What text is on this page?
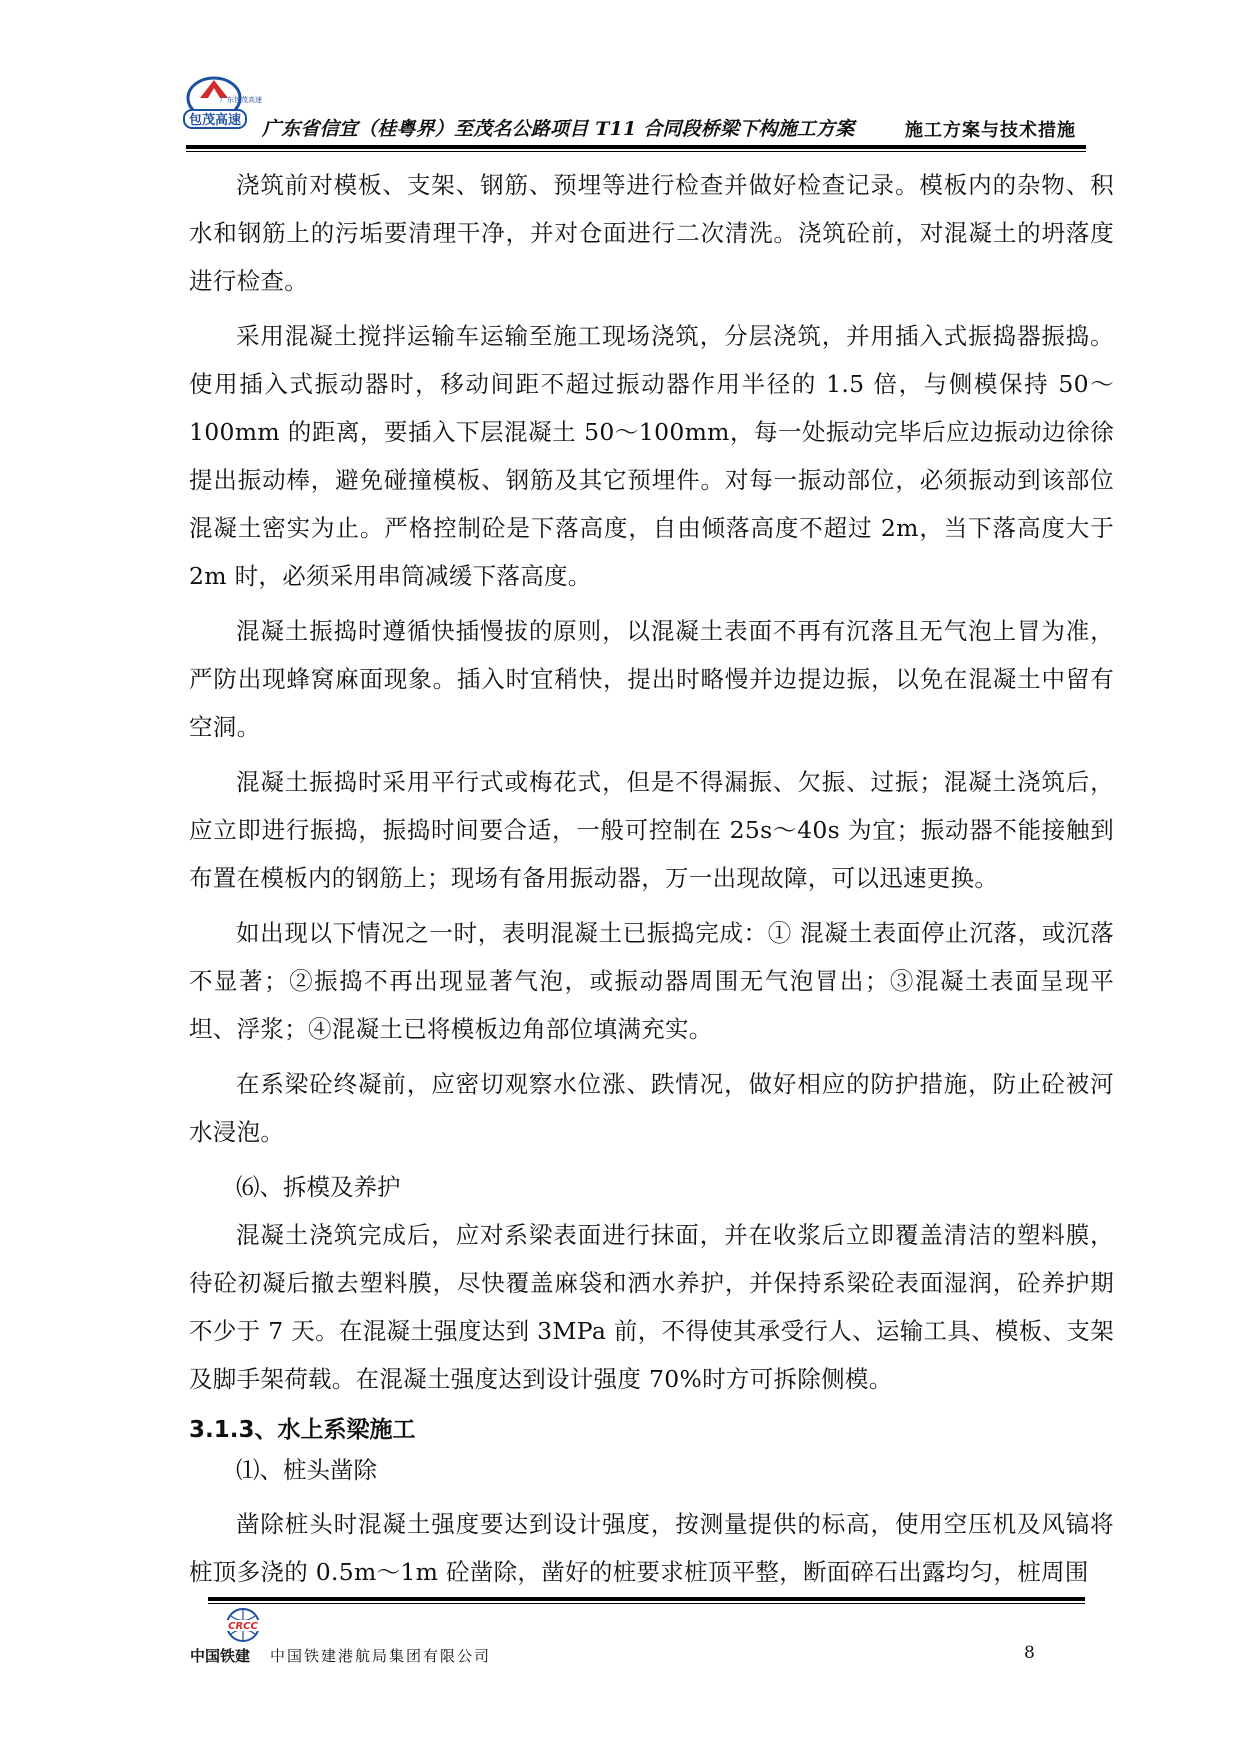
广东包茂高速
包茂高速 广东省信宜（桂粤界）至茂名公路项目 T11 合同段桥梁下构施工方案	施工方案与技术措施

浇筑前对模板、支架、钢筋、预埋等进行检查并做好检查记录。模板内的杂物、积水和钢筋上的污垢要清理干净，并对仓面进行二次清洗。浇筑砼前，对混凝土的坍落度进行检查。

采用混凝土搅拌运输车运输至施工现场浇筑，分层浇筑，并用插入式振捣器振捣。使用插入式振动器时，移动间距不超过振动器作用半径的 1.5 倍，与侧模保持 50～100mm 的距离，要插入下层混凝土 50～100mm，每一处振动完毕后应边振动边徐徐提出振动棒，避免碰撞模板、钢筋及其它预埋件。对每一振动部位，必须振动到该部位混凝土密实为止。严格控制砼是下落高度，自由倾落高度不超过 2m，当下落高度大于 2m 时，必须采用串筒减缓下落高度。

混凝土振捣时遵循快插慢拔的原则，以混凝土表面不再有沉落且无气泡上冒为准，严防出现蜂窝麻面现象。插入时宜稍快，提出时略慢并边提边振，以免在混凝土中留有空洞。

混凝土振捣时采用平行式或梅花式，但是不得漏振、欠振、过振；混凝土浇筑后，应立即进行振捣，振捣时间要合适，一般可控制在 25s～40s 为宜；振动器不能接触到布置在模板内的钢筋上；现场有备用振动器，万一出现故障，可以迅速更换。

如出现以下情况之一时，表明混凝土已振捣完成：① 混凝土表面停止沉落，或沉落不显著；②振捣不再出现显著气泡，或振动器周围无气泡冒出；③混凝土表面呈现平坦、浮浆；④混凝土已将模板边角部位填满充实。

在系梁砼终凝前，应密切观察水位涨、跌情况，做好相应的防护措施，防止砼被河水浸泡。

⑹、拆模及养护

混凝土浇筑完成后，应对系梁表面进行抹面，并在收浆后立即覆盖清洁的塑料膜，待砼初凝后撤去塑料膜，尽快覆盖麻袋和洒水养护，并保持系梁砼表面湿润，砼养护期不少于 7 天。在混凝土强度达到 3MPa 前，不得使其承受行人、运输工具、模板、支架及脚手架荷载。在混凝土强度达到设计强度 70%时方可拆除侧模。

3.1.3、水上系梁施工

⑴、桩头凿除

凿除桩头时混凝土强度要达到设计强度，按测量提供的标高，使用空压机及风镐将桩顶多浇的 0.5m～1m 砼凿除，凿好的桩要求桩顶平整，断面碎石出露均匀，桩周围

CRCC
中国铁建 中国铁建港航局集团有限公司	8
